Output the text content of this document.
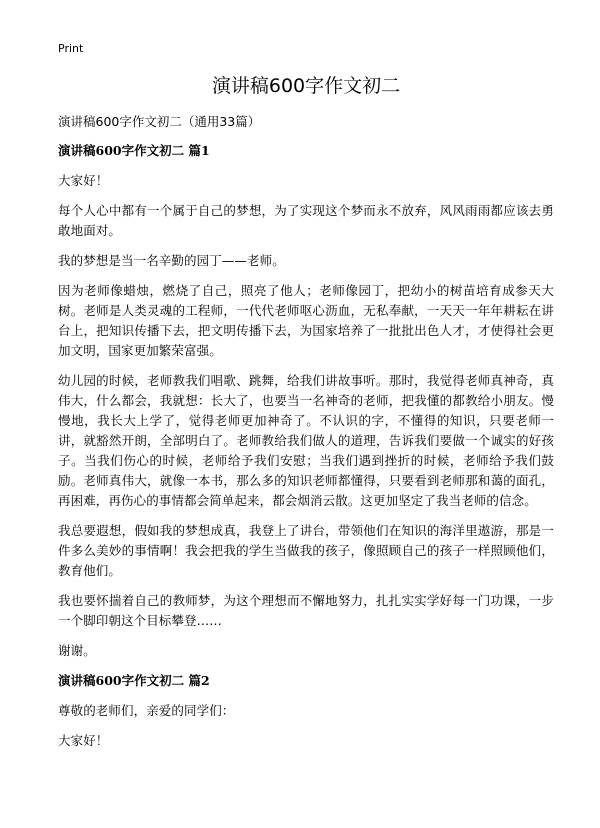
Print
演讲稿600字作文初二

演讲稿600字作文初二（通用33篇）

演讲稿600字作文初二 篇1

大家好！

每个人心中都有一个属于自己的梦想，为了实现这个梦而永不放弃，风风雨雨都应该去勇敢地面对。

我的梦想是当一名辛勤的园丁——老师。

因为老师像蜡烛，燃烧了自己，照亮了他人；老师像园丁，把幼小的树苗培育成参天大树。老师是人类灵魂的工程师，一代代老师呕心沥血，无私奉献，一天天一年年耕耘在讲台上，把知识传播下去，把文明传播下去，为国家培养了一批批出色人才，才使得社会更加文明，国家更加繁荣富强。

幼儿园的时候，老师教我们唱歌、跳舞，给我们讲故事听。那时，我觉得老师真神奇，真伟大，什么都会，我就想：长大了，也要当一名神奇的老师，把我懂的都教给小朋友。慢慢地，我长大上学了，觉得老师更加神奇了。不认识的字，不懂得的知识，只要老师一讲，就豁然开朗，全部明白了。老师教给我们做人的道理，告诉我们要做一个诚实的好孩子。当我们伤心的时候，老师给予我们安慰；当我们遇到挫折的时候，老师给予我们鼓励。老师真伟大，就像一本书，那么多的知识老师都懂得，只要看到老师那和蔼的面孔，再困难，再伤心的事情都会简单起来，都会烟消云散。这更加坚定了我当老师的信念。

我总要遐想，假如我的梦想成真，我登上了讲台，带领他们在知识的海洋里遨游，那是一件多么美妙的事情啊！我会把我的学生当做我的孩子，像照顾自己的孩子一样照顾他们，教育他们。

我也要怀揣着自己的教师梦，为这个理想而不懈地努力，扎扎实实学好每一门功课，一步一个脚印朝这个目标攀登……

谢谢。

演讲稿600字作文初二 篇2

尊敬的老师们，亲爱的同学们：

大家好！
